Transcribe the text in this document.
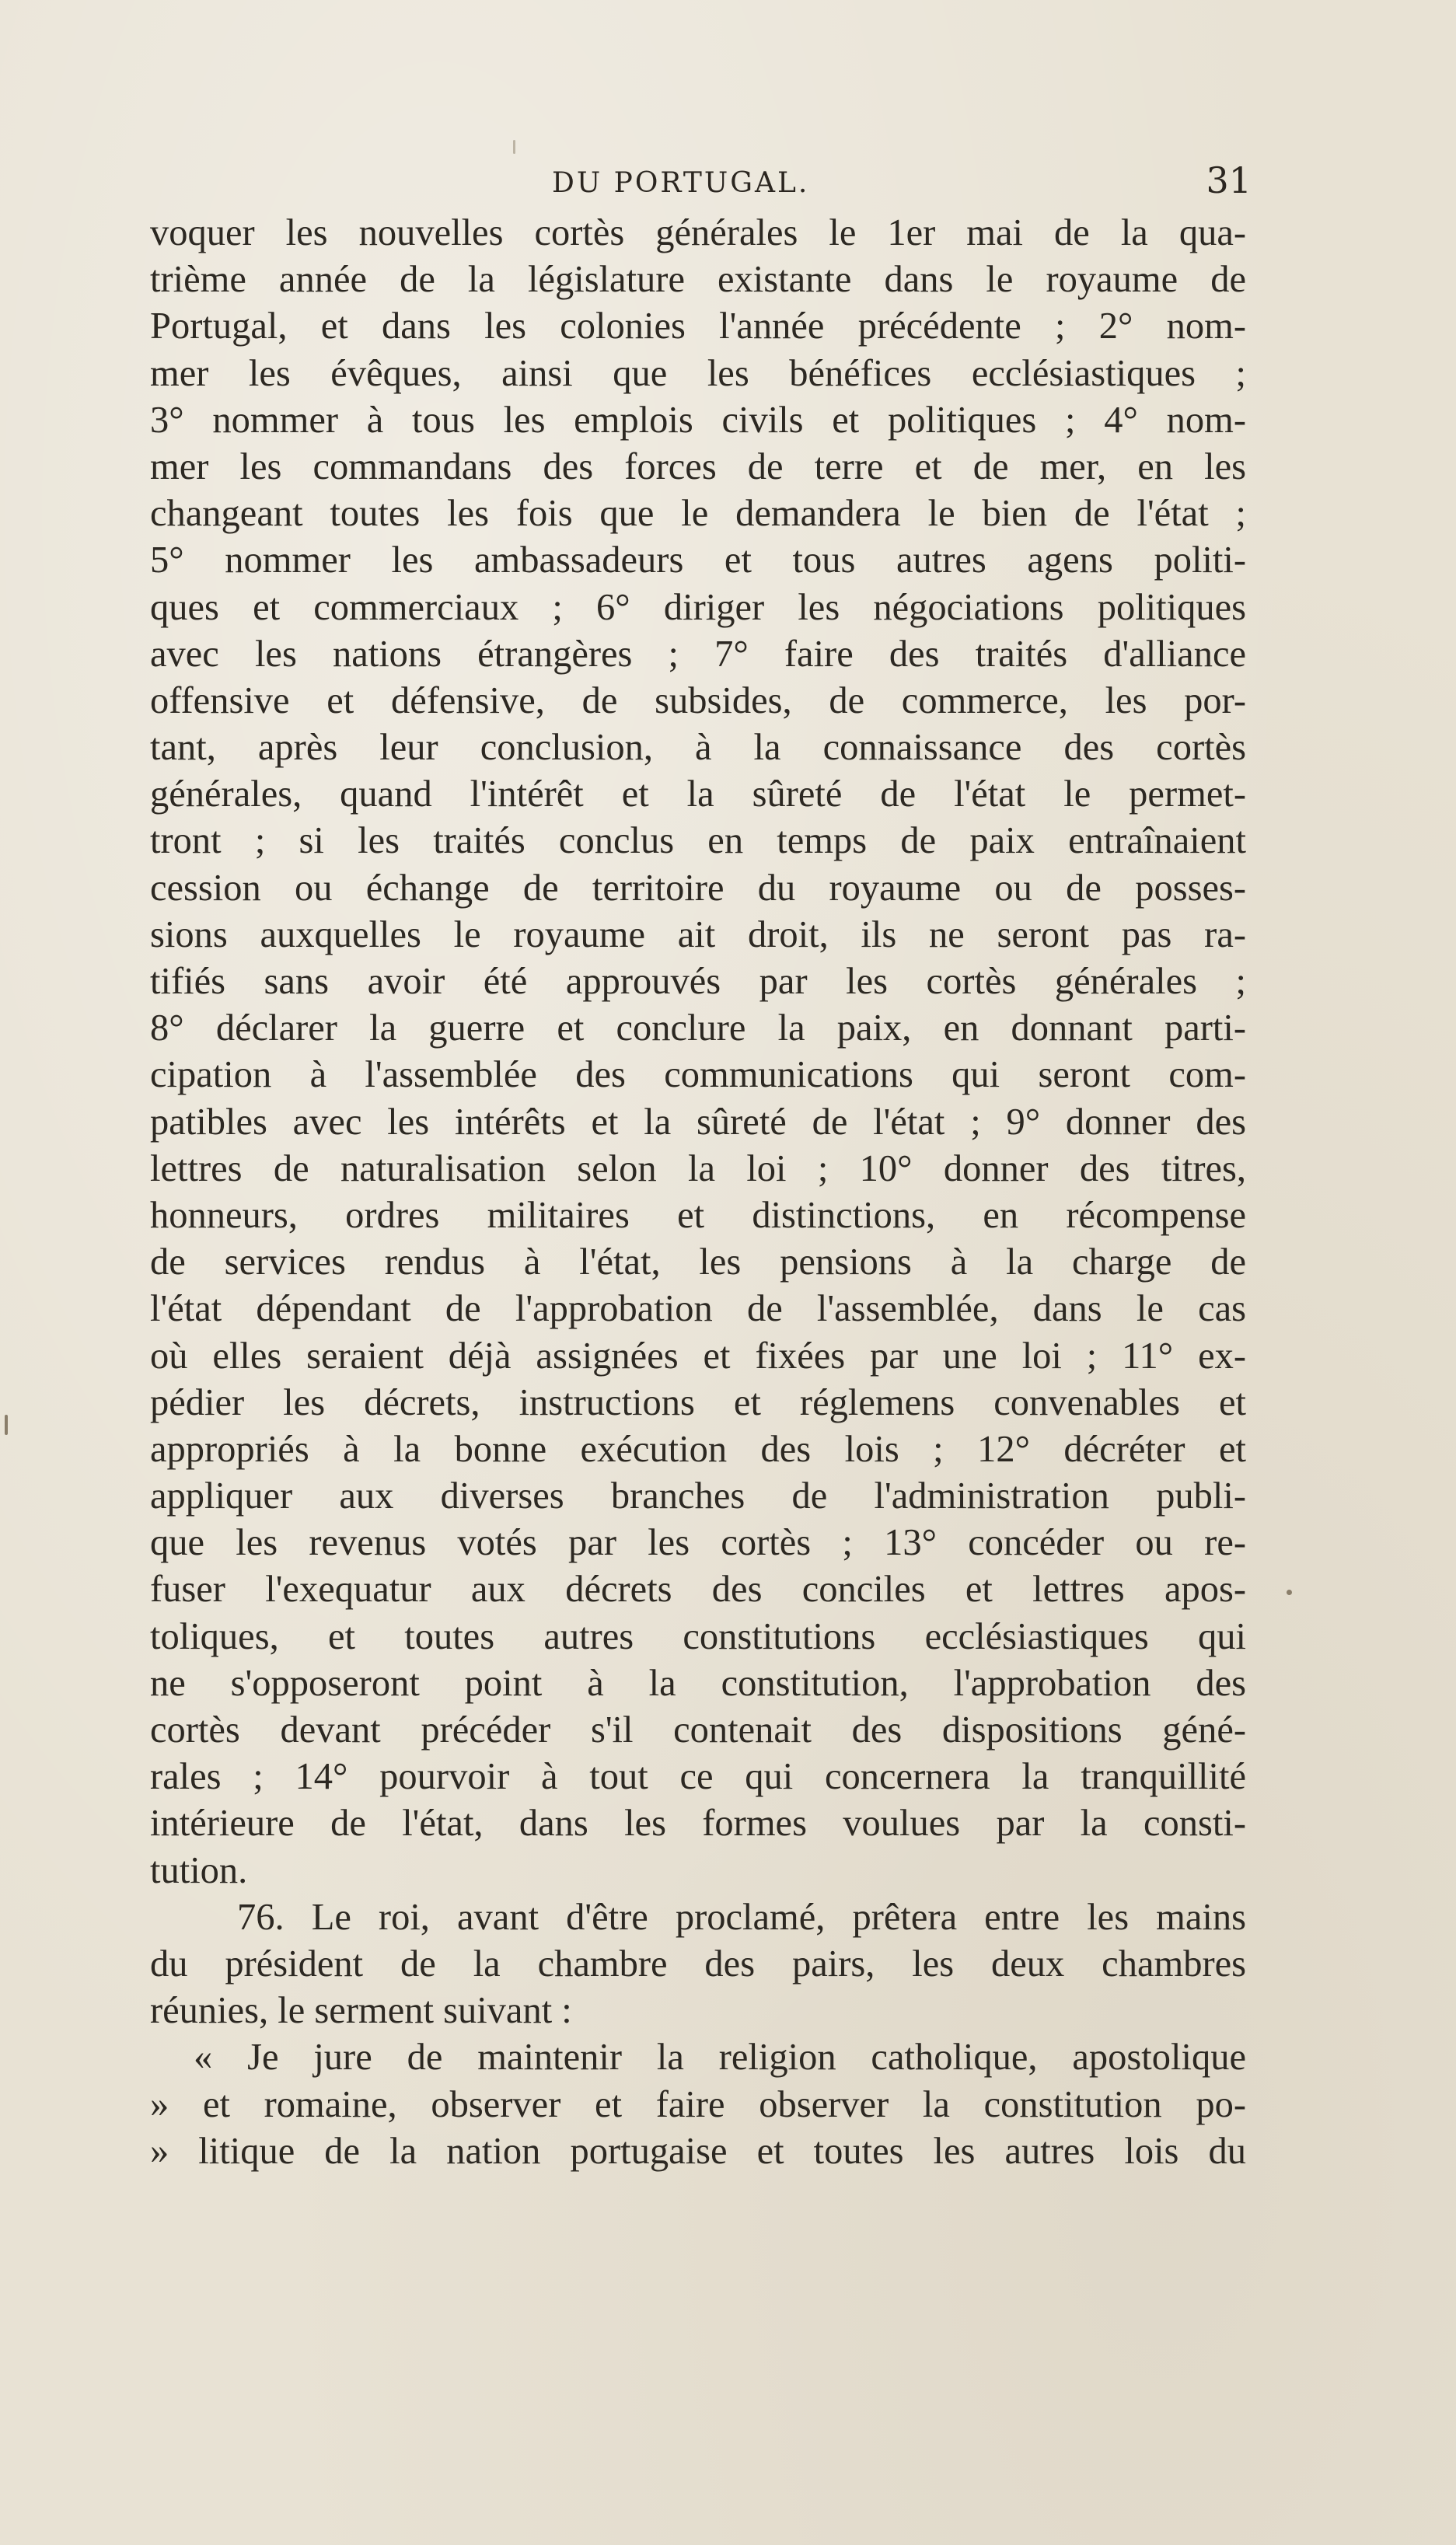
DU PORTUGAL.	31
voquer les nouvelles cortès générales le 1er mai de la qua-
trième année de la législature existante dans le royaume de
Portugal, et dans les colonies l'année précédente ; 2° nom-
mer les évêques, ainsi que les bénéfices ecclésiastiques ;
3° nommer à tous les emplois civils et politiques ; 4° nom-
mer les commandans des forces de terre et de mer, en les
changeant toutes les fois que le demandera le bien de l'état ;
5° nommer les ambassadeurs et tous autres agens politi-
ques et commerciaux ; 6° diriger les négociations politiques
avec les nations étrangères ; 7° faire des traités d'alliance
offensive et défensive, de subsides, de commerce, les por-
tant, après leur conclusion, à la connaissance des cortès
générales, quand l'intérêt et la sûreté de l'état le permet-
tront ; si les traités conclus en temps de paix entraînaient
cession ou échange de territoire du royaume ou de posses-
sions auxquelles le royaume ait droit, ils ne seront pas ra-
tifiés sans avoir été approuvés par les cortès générales ;
8° déclarer la guerre et conclure la paix, en donnant parti-
cipation à l'assemblée des communications qui seront com-
patibles avec les intérêts et la sûreté de l'état ; 9° donner des
lettres de naturalisation selon la loi ; 10° donner des titres,
honneurs, ordres militaires et distinctions, en récompense
de services rendus à l'état, les pensions à la charge de
l'état dépendant de l'approbation de l'assemblée, dans le cas
où elles seraient déjà assignées et fixées par une loi ; 11° ex-
pédier les décrets, instructions et réglemens convenables et
appropriés à la bonne exécution des lois ; 12° décréter et
appliquer aux diverses branches de l'administration publi-
que les revenus votés par les cortès ; 13° concéder ou re-
fuser l'exequatur aux décrets des conciles et lettres apos-
toliques, et toutes autres constitutions ecclésiastiques qui
ne s'opposeront point à la constitution, l'approbation des
cortès devant précéder s'il contenait des dispositions géné-
rales ; 14° pourvoir à tout ce qui concernera la tranquillité
intérieure de l'état, dans les formes voulues par la consti-
tution.
76. Le roi, avant d'être proclamé, prêtera entre les mains
du président de la chambre des pairs, les deux chambres
réunies, le serment suivant :
« Je jure de maintenir la religion catholique, apostolique
» et romaine, observer et faire observer la constitution po-
» litique de la nation portugaise et toutes les autres lois du
